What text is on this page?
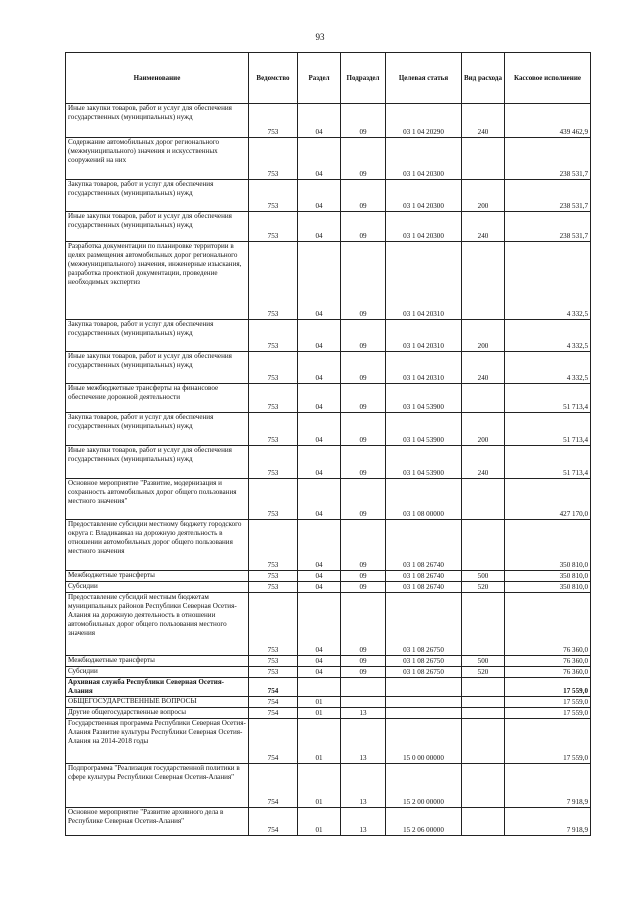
93
Наименование	Ведомство	Раздел	Подраздел	Целевая статья	Вид расхода	Кассовое исполнение
Иные закупки товаров, работ и услуг для обеспечения государственных (муниципальных) нужд	753	04	09	03 1 04 20290	240	439 462,9
Содержание автомобильных дорог регионального (межмуниципального) значения и искусственных сооружений на них	753	04	09	03 1 04 20300		238 531,7
Закупка товаров, работ и услуг для обеспечения государственных (муниципальных) нужд	753	04	09	03 1 04 20300	200	238 531,7
Иные закупки товаров, работ и услуг для обеспечения государственных (муниципальных) нужд	753	04	09	03 1 04 20300	240	238 531,7
Разработка документации по планировке территории в целях размещения автомобильных дорог регионального (межмуниципального) значения, инженерные изыскания, разработка проектной документации, проведение необходимых экспертиз	753	04	09	03 1 04 20310		4 332,5
Закупка товаров, работ и услуг для обеспечения государственных (муниципальных) нужд	753	04	09	03 1 04 20310	200	4 332,5
Иные закупки товаров, работ и услуг для обеспечения государственных (муниципальных) нужд	753	04	09	03 1 04 20310	240	4 332,5
Иные межбюджетные трансферты на финансовое обеспечение дорожной деятельности	753	04	09	03 1 04 53900		51 713,4
Закупка товаров, работ и услуг для обеспечения государственных (муниципальных) нужд	753	04	09	03 1 04 53900	200	51 713,4
Иные закупки товаров, работ и услуг для обеспечения государственных (муниципальных) нужд	753	04	09	03 1 04 53900	240	51 713,4
Основное мероприятие "Развитие, модернизация и сохранность автомобильных дорог общего пользования местного значения"	753	04	09	03 1 08 00000		427 170,0
Предоставление субсидии местному бюджету городского округа г. Владикавказ на дорожную деятельность в отношении автомобильных дорог общего пользования местного значения	753	04	09	03 1 08 26740		350 810,0
Межбюджетные трансферты	753	04	09	03 1 08 26740	500	350 810,0
Субсидии	753	04	09	03 1 08 26740	520	350 810,0
Предоставление субсидий местным бюджетам муниципальных районов Республики Северная Осетия-Алания на дорожную деятельность в отношении автомобильных дорог общего пользования местного значения	753	04	09	03 1 08 26750		76 360,0
Межбюджетные трансферты	753	04	09	03 1 08 26750	500	76 360,0
Субсидии	753	04	09	03 1 08 26750	520	76 360,0
Архивная служба Республики Северная Осетия-Алания	754					17 559,0
ОБЩЕГОСУДАРСТВЕННЫЕ ВОПРОСЫ	754	01				17 559,0
Другие общегосударственные вопросы	754	01	13			17 559,0
Государственная программа Республики Северная Осетия-Алания Развитие культуры Республики Северная Осетия-Алания на 2014-2018 годы	754	01	13	15 0 00 00000		17 559,0
Подпрограмма "Реализация государственной политики в сфере культуры Республики Северная Осетия-Алания"	754	01	13	15 2 00 00000		7 918,9
Основное мероприятие "Развитие архивного дела в Республике Северная Осетия-Алания"	754	01	13	15 2 06 00000		7 918,9
